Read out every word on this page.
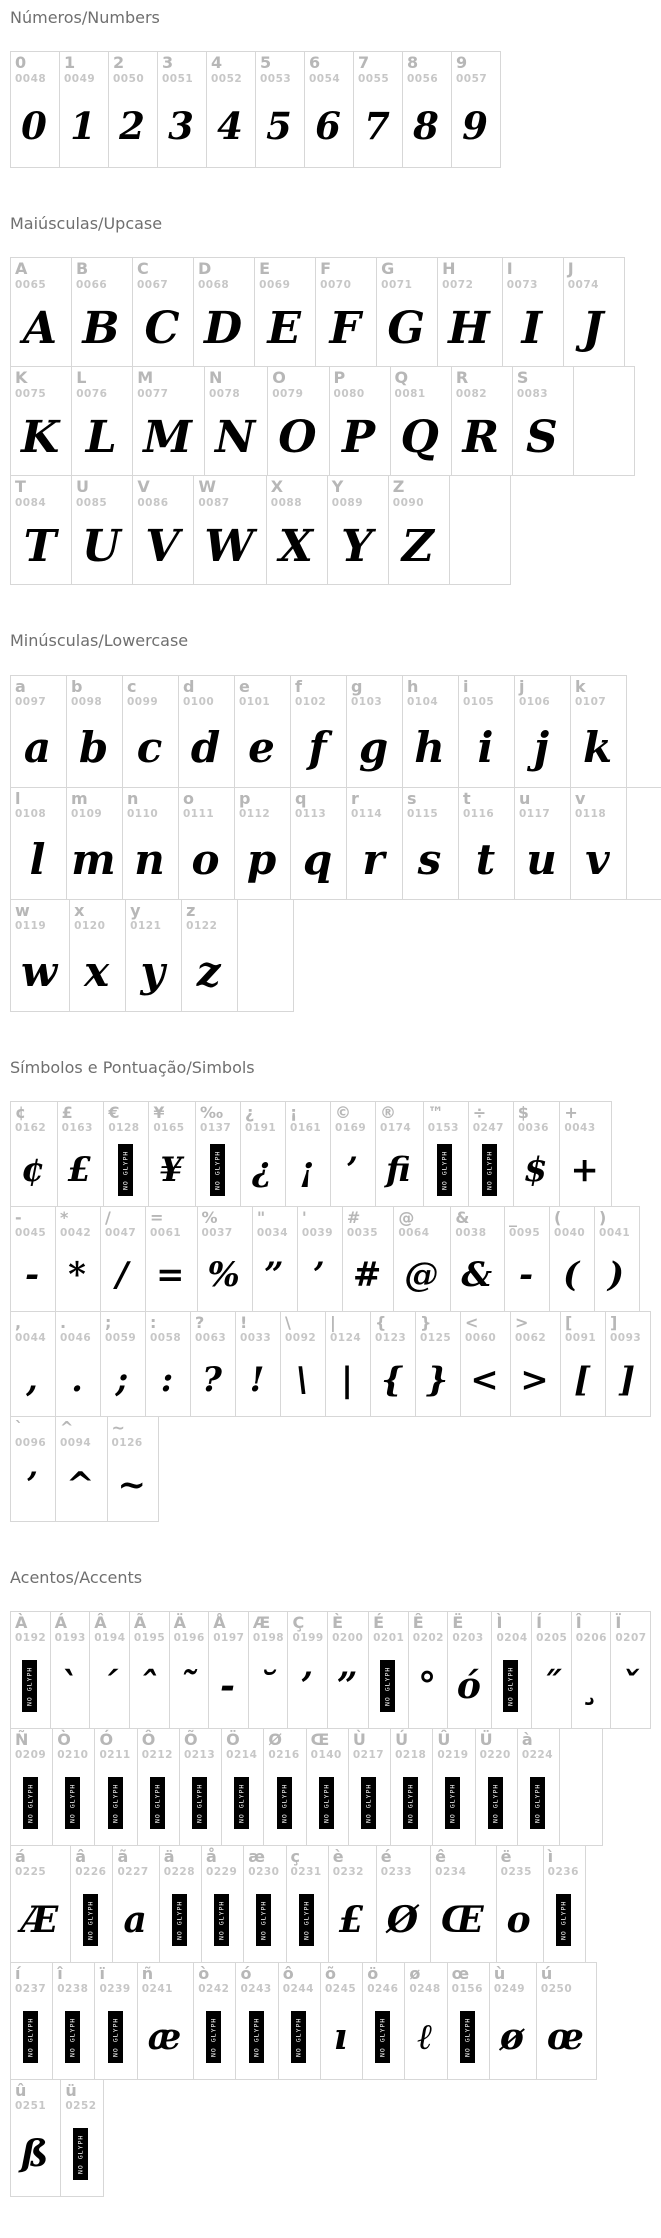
Números/Numbers
0
0048
0
1
0049
1
2
0050
2
3
0051
3
4
0052
4
5
0053
5
6
0054
6
7
0055
7
8
0056
8
9
0057
9
Maiúsculas/Upcase
A
0065
A
B
0066
B
C
0067
C
D
0068
D
E
0069
E
F
0070
F
G
0071
G
H
0072
H
I
0073
I
J
0074
J
K
0075
K
L
0076
L
M
0077
M
N
0078
N
O
0079
O
P
0080
P
Q
0081
Q
R
0082
R
S
0083
S
T
0084
T
U
0085
U
V
0086
V
W
0087
W
X
0088
X
Y
0089
Y
Z
0090
Z
Minúsculas/Lowercase
a
0097
a
b
0098
b
c
0099
c
d
0100
d
e
0101
e
f
0102
f
g
0103
g
h
0104
h
i
0105
i
j
0106
j
k
0107
k
l
0108
l
m
0109
m
n
0110
n
o
0111
o
p
0112
p
q
0113
q
r
0114
r
s
0115
s
t
0116
t
u
0117
u
v
0118
v
w
0119
w
x
0120
x
y
0121
y
z
0122
z
Símbolos e Pontuação/Simbols
¢
0162
¢
£
0163
£
€
0128
NO GLYPH
¥
0165
¥
‰
0137
NO GLYPH
¿
0191
¿
¡
0161
¡
©
0169
’
®
0174
fi
™
0153
NO GLYPH
÷
0247
NO GLYPH
$
0036
$
+
0043
+
-
0045
-
*
0042
*
/
0047
/
=
0061
=
%
0037
%
"
0034
”
'
0039
’
#
0035
#
@
0064
@
&
0038
&
_
0095
-
(
0040
(
)
0041
)
,
0044
,
.
0046
.
;
0059
;
:
0058
:
?
0063
?
!
0033
!
\
0092
\
|
0124
|
{
0123
{
}
0125
}
<
0060
<
>
0062
>
[
0091
[
]
0093
]
`
0096
’
^
0094
^
~
0126
~
Acentos/Accents
À
0192
NO GLYPH
Á
0193
`
Â
0194
´
Ã
0195
ˆ
Ä
0196
˜
Å
0197
-
Æ
0198
˘
Ç
0199
’
È
0200
”
É
0201
NO GLYPH
Ê
0202
°
Ë
0203
ó
Ì
0204
NO GLYPH
Í
0205
˝
Î
0206
¸
Ï
0207
ˇ
Ñ
0209
NO GLYPH
Ò
0210
NO GLYPH
Ó
0211
NO GLYPH
Ô
0212
NO GLYPH
Õ
0213
NO GLYPH
Ö
0214
NO GLYPH
Ø
0216
NO GLYPH
Œ
0140
NO GLYPH
Ù
0217
NO GLYPH
Ú
0218
NO GLYPH
Û
0219
NO GLYPH
Ü
0220
NO GLYPH
à
0224
NO GLYPH
á
0225
Æ
â
0226
NO GLYPH
ã
0227
a
ä
0228
NO GLYPH
å
0229
NO GLYPH
æ
0230
NO GLYPH
ç
0231
NO GLYPH
è
0232
£
é
0233
Ø
ê
0234
Œ
ë
0235
o
ì
0236
NO GLYPH
í
0237
NO GLYPH
î
0238
NO GLYPH
ï
0239
NO GLYPH
ñ
0241
æ
ò
0242
NO GLYPH
ó
0243
NO GLYPH
ô
0244
NO GLYPH
õ
0245
ı
ö
0246
NO GLYPH
ø
0248
ℓ
œ
0156
NO GLYPH
ù
0249
ø
ú
0250
œ
û
0251
ß
ü
0252
NO GLYPH
